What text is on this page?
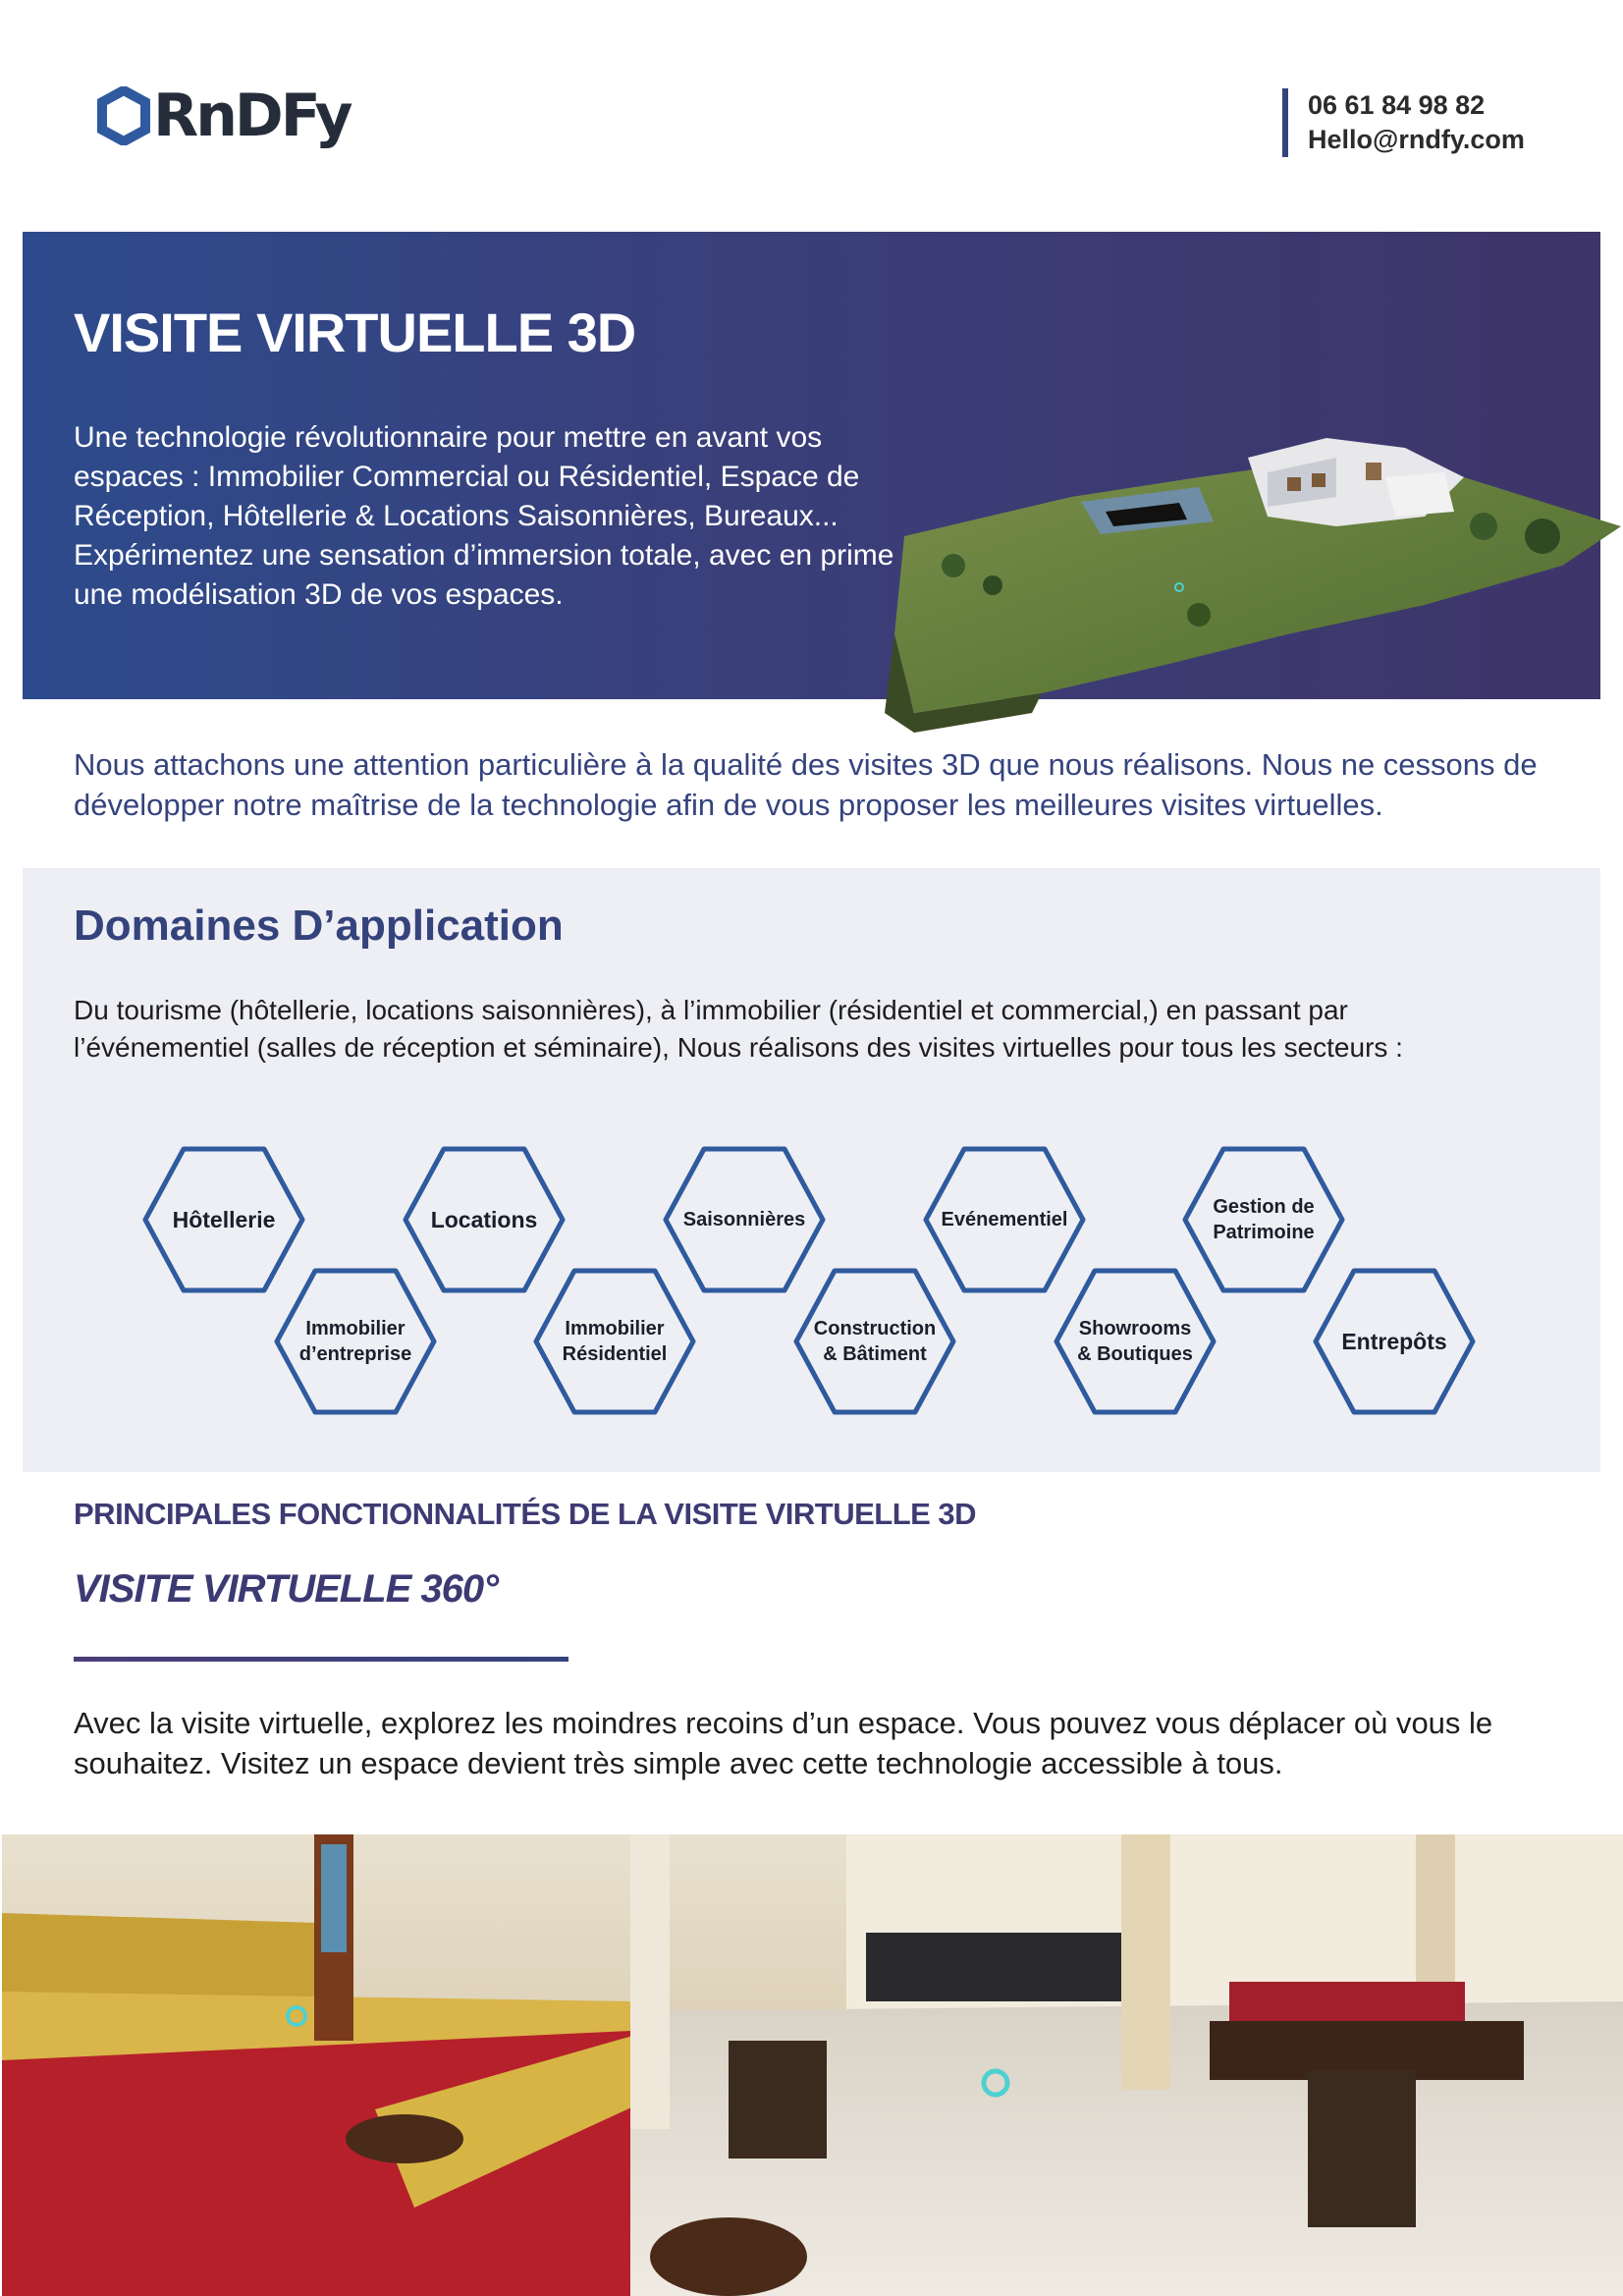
RnDFy	06 61 84 98 82
Hello@rndfy.com
VISITE VIRTUELLE 3D
Une technologie révolutionnaire pour mettre en avant vos espaces : Immobilier Commercial ou Résidentiel, Espace de Réception, Hôtellerie & Locations Saisonnières, Bureaux... Expérimentez une sensation d’immersion totale, avec en prime une modélisation 3D de vos espaces.
Nous attachons une attention particulière à la qualité des visites 3D que nous réalisons. Nous ne cessons de développer notre maîtrise de la technologie afin de vous proposer les meilleures visites virtuelles.
Domaines D’application
Du tourisme (hôtellerie, locations saisonnières), à l’immobilier (résidentiel et commercial,) en passant par l’événementiel (salles de réception et séminaire), Nous réalisons des visites virtuelles pour tous les secteurs :
Hôtellerie
Immobilier
d’entreprise
Locations
Immobilier
Résidentiel
Saisonnières
Construction
& Bâtiment
Evénementiel
Showrooms
& Boutiques
Gestion de
Patrimoine
Entrepôts
PRINCIPALES FONCTIONNALITÉS DE LA VISITE VIRTUELLE 3D
VISITE VIRTUELLE 360°
Avec la visite virtuelle, explorez les moindres recoins d’un espace. Vous pouvez vous déplacer où vous le souhaitez. Visitez un espace devient très simple avec cette technologie accessible à tous.
